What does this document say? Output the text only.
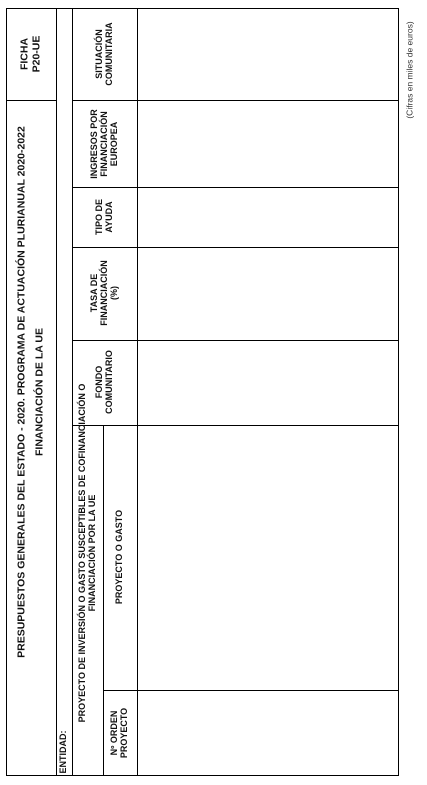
PRESUPUESTOS GENERALES DEL ESTADO - 2020. PROGRAMA DE ACTUACIÓN PLURIANUAL 2020-2022 FINANCIACIÓN DE LA UE
FICHA P20-UE
ENTIDAD:
PROYECTO DE INVERSIÓN O GASTO SUSCEPTIBLES DE COFINANCIACIÓN O FINANCIACIÓN POR LA UE
Nº ORDEN PROYECTO
PROYECTO O GASTO
FONDO COMUNITARIO
TASA DE FINANCIACIÓN (%)
TIPO DE AYUDA
INGRESOS POR FINANCIACIÓN EUROPEA
SITUACIÓN COMUNITARIA	(Cifras en miles de euros)
